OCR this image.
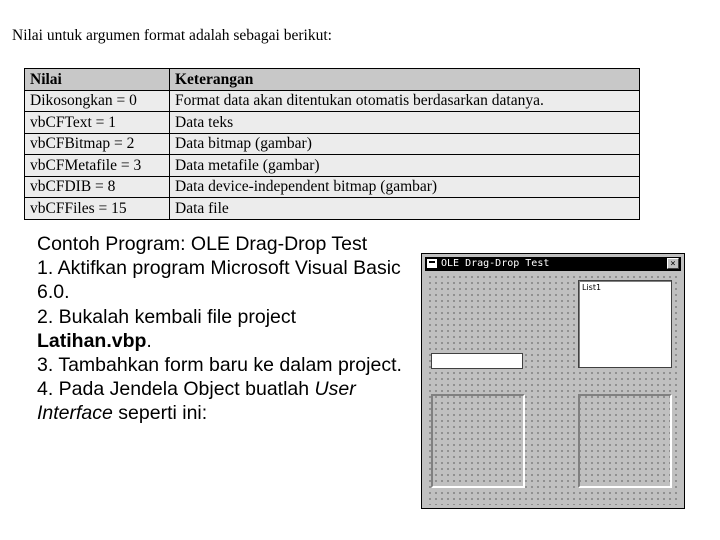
Nilai untuk argumen format adalah sebagai berikut:
Nilai	Keterangan
Dikosongkan = 0	Format data akan ditentukan otomatis berdasarkan datanya.
vbCFText = 1	Data teks
vbCFBitmap = 2	Data bitmap (gambar)
vbCFMetafile = 3	Data metafile (gambar)
vbCFDIB = 8	Data device-independent bitmap (gambar)
vbCFFiles = 15	Data file

Contoh Program: OLE Drag-Drop Test

1. Aktifkan program Microsoft Visual Basic 6.0.

2. Bukalah kembali file project Latihan.vbp.

3. Tambahkan form baru ke dalam project.

4. Pada Jendela Object buatlah User Interface seperti ini:

OLE Drag-Drop Test	×
List1
